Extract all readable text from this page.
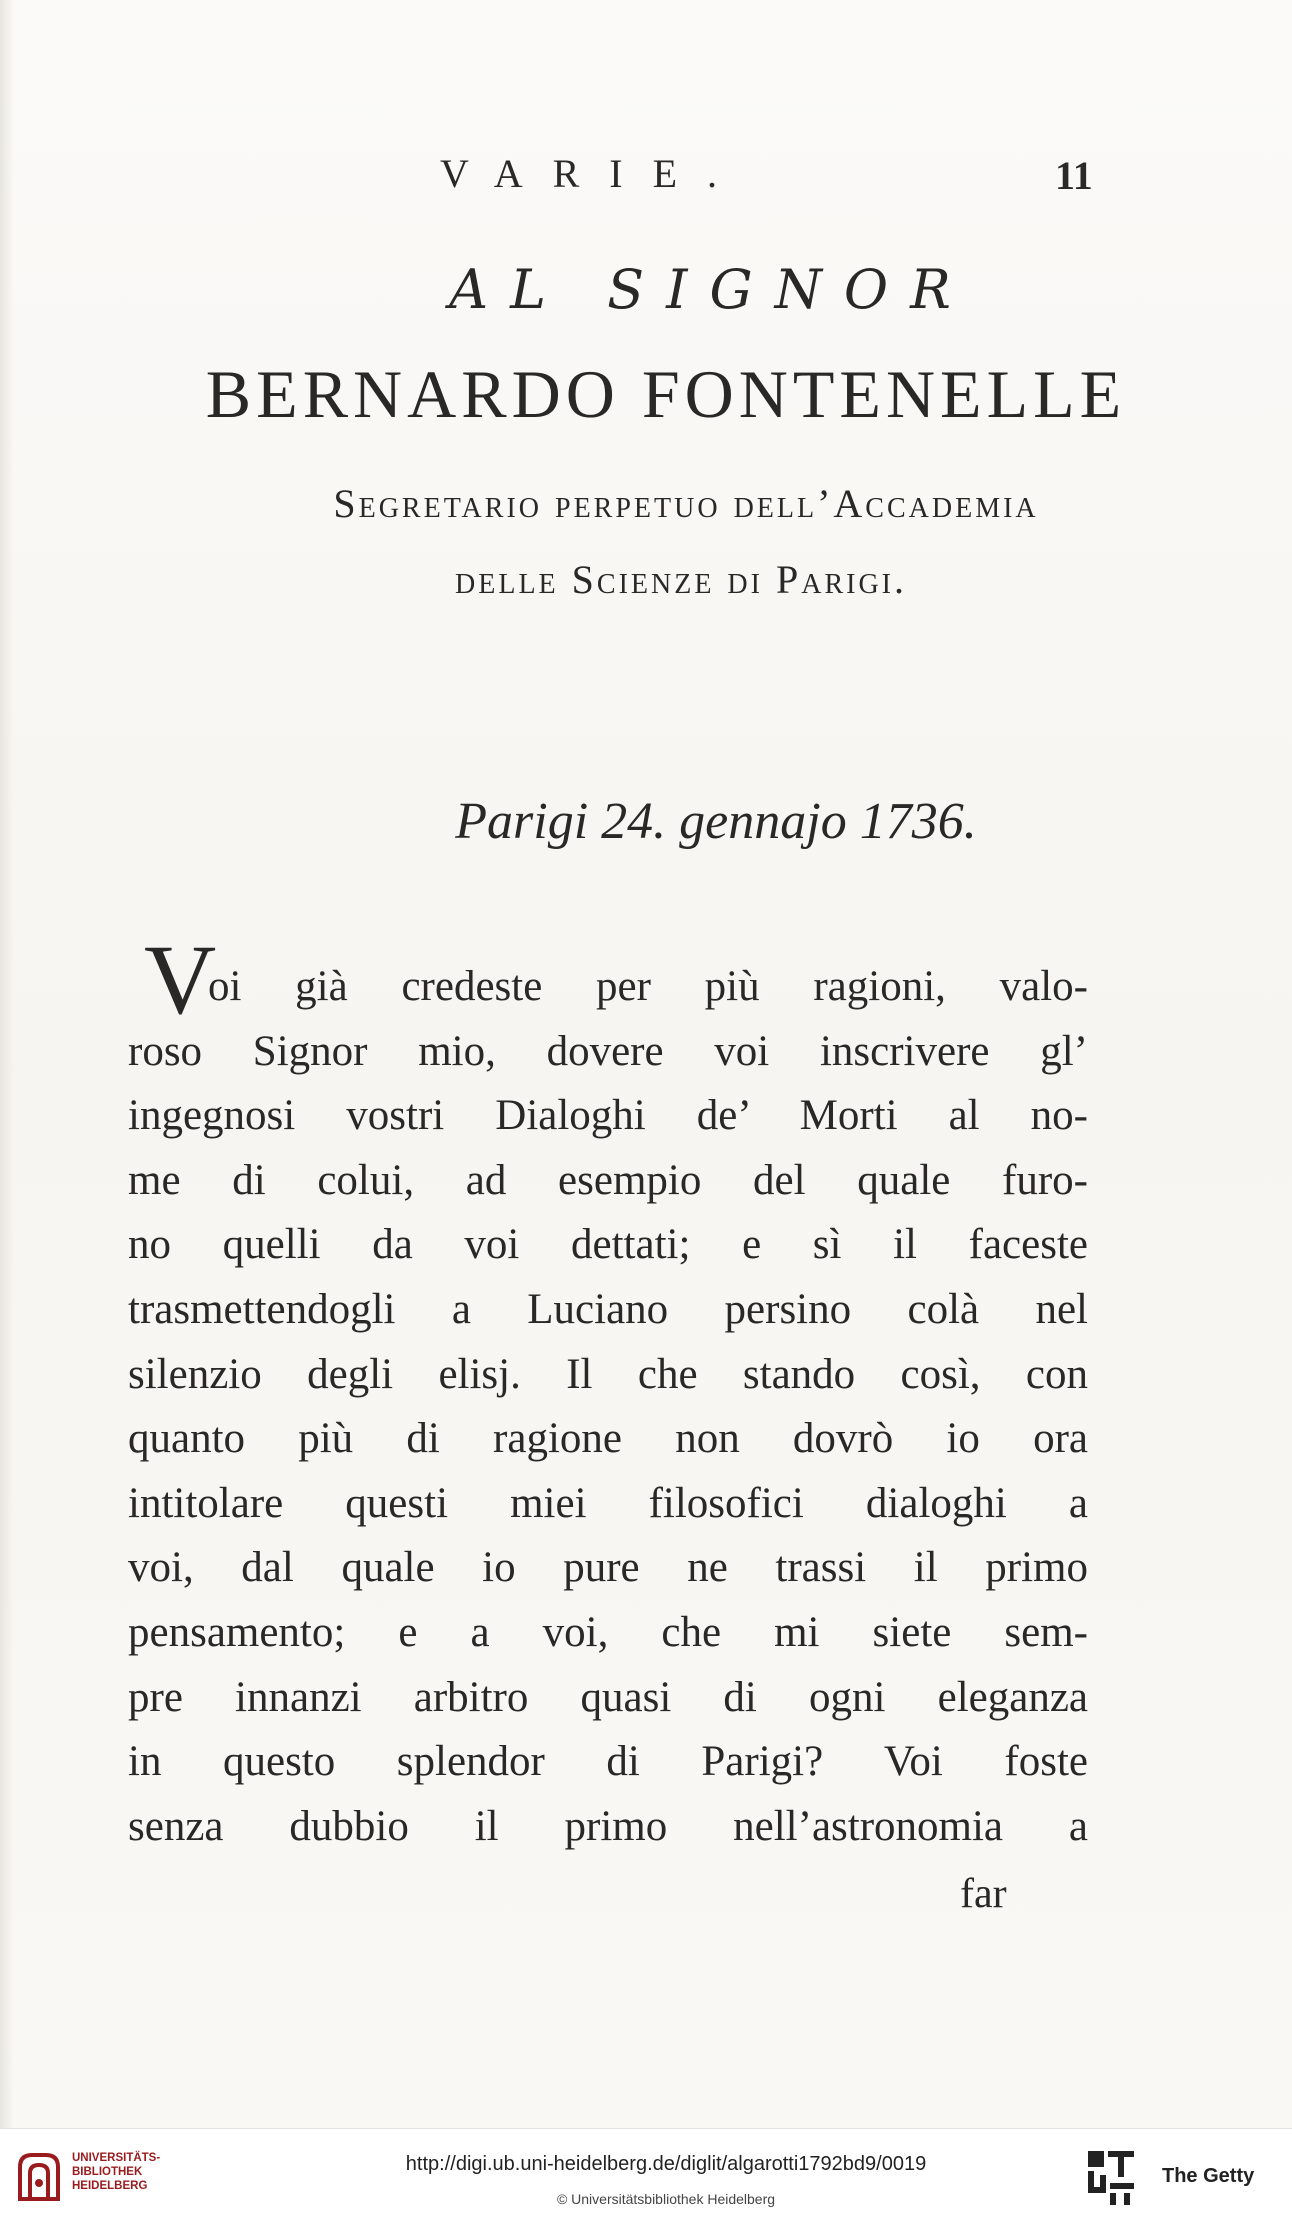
VARIE.	11
AL SIGNOR
BERNARDO FONTENELLE
Segretario perpetuo dell’Accademia
delle Scienze di Parigi.
Parigi 24. gennajo 1736.
V
oi già credeste per più ragioni, valo-
roso Signor mio, dovere voi inscrivere gl’
ingegnosi vostri Dialoghi de’ Morti al no-
me di colui, ad esempio del quale furo-
no quelli da voi dettati; e sì il faceste
trasmettendogli a Luciano persino colà nel
silenzio degli elisj. Il che stando così, con
quanto più di ragione non dovrò io ora
intitolare questi miei filosofici dialoghi a
voi, dal quale io pure ne trassi il primo
pensamento; e a voi, che mi siete sem-
pre innanzi arbitro quasi di ogni eleganza
in questo splendor di Parigi? Voi foste
senza dubbio il primo nell’astronomia a
far
UNIVERSITÄTS-
BIBLIOTHEK
HEIDELBERG
http://digi.ub.uni-heidelberg.de/diglit/algarotti1792bd9/0019
© Universitätsbibliothek Heidelberg
The Getty
